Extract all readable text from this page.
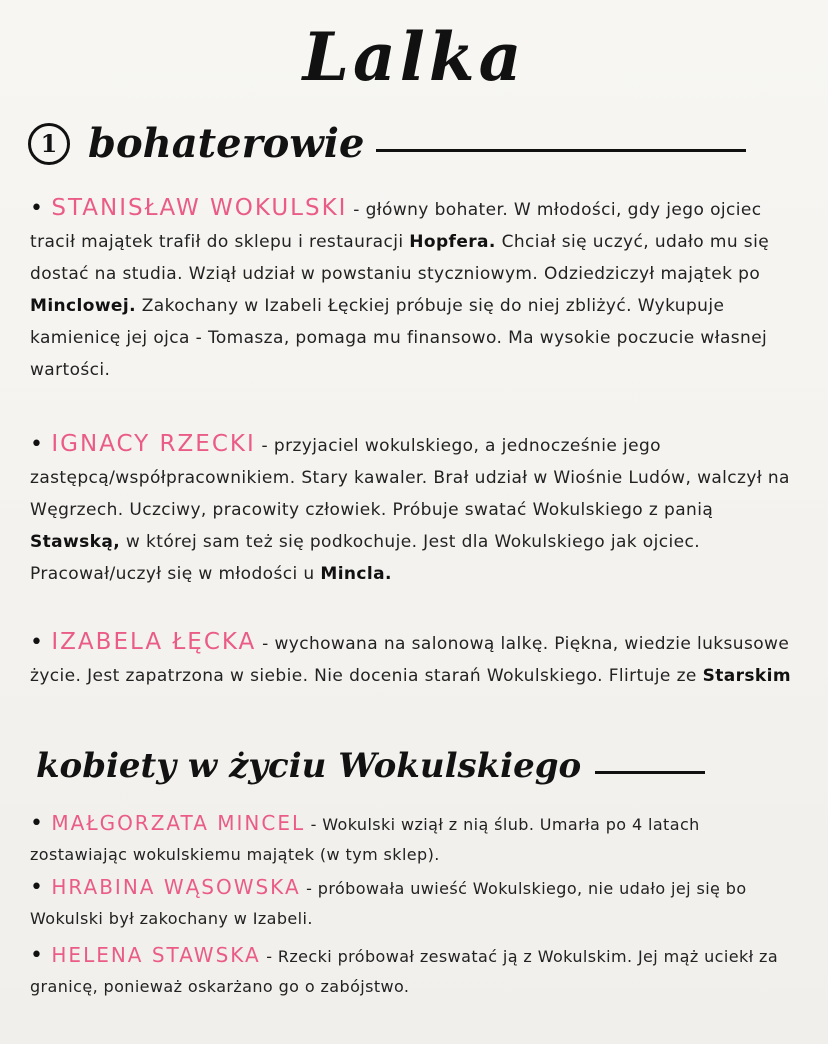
Lalka
1 bohaterowie
• STANISŁAW WOKULSKI - główny bohater. W młodości, gdy jego ojciec tracił majątek trafił do sklepu i restauracji Hopfera. Chciał się uczyć, udało mu się dostać na studia. Wziął udział w powstaniu styczniowym. Odziedziczył majątek po Minclowej. Zakochany w Izabeli Łęckiej próbuje się do niej zbliżyć. Wykupuje kamienicę jej ojca - Tomasza, pomaga mu finansowo. Ma wysokie poczucie własnej wartości.
• IGNACY RZECKI - przyjaciel wokulskiego, a jednocześnie jego zastępcą/współpracownikiem. Stary kawaler. Brał udział w Wiośnie Ludów, walczył na Węgrzech. Uczciwy, pracowity człowiek. Próbuje swatać Wokulskiego z panią Stawską, w której sam też się podkochuje. Jest dla Wokulskiego jak ojciec. Pracował/uczył się w młodości u Mincla.
• IZABELA ŁĘCKA - wychowana na salonową lalkę. Piękna, wiedzie luksusowe życie. Jest zapatrzona w siebie. Nie docenia starań Wokulskiego. Flirtuje ze Starskim
kobiety w życiu Wokulskiego
• MAŁGORZATA MINCEL - Wokulski wziął z nią ślub. Umarła po 4 latach zostawiając wokulskiemu majątek (w tym sklep).
• HRABINA WĄSOWSKA - próbowała uwieść Wokulskiego, nie udało jej się bo Wokulski był zakochany w Izabeli.
• HELENA STAWSKA - Rzecki próbował zeswatać ją z Wokulskim. Jej mąż uciekł za granicę, ponieważ oskarżano go o zabójstwo.
